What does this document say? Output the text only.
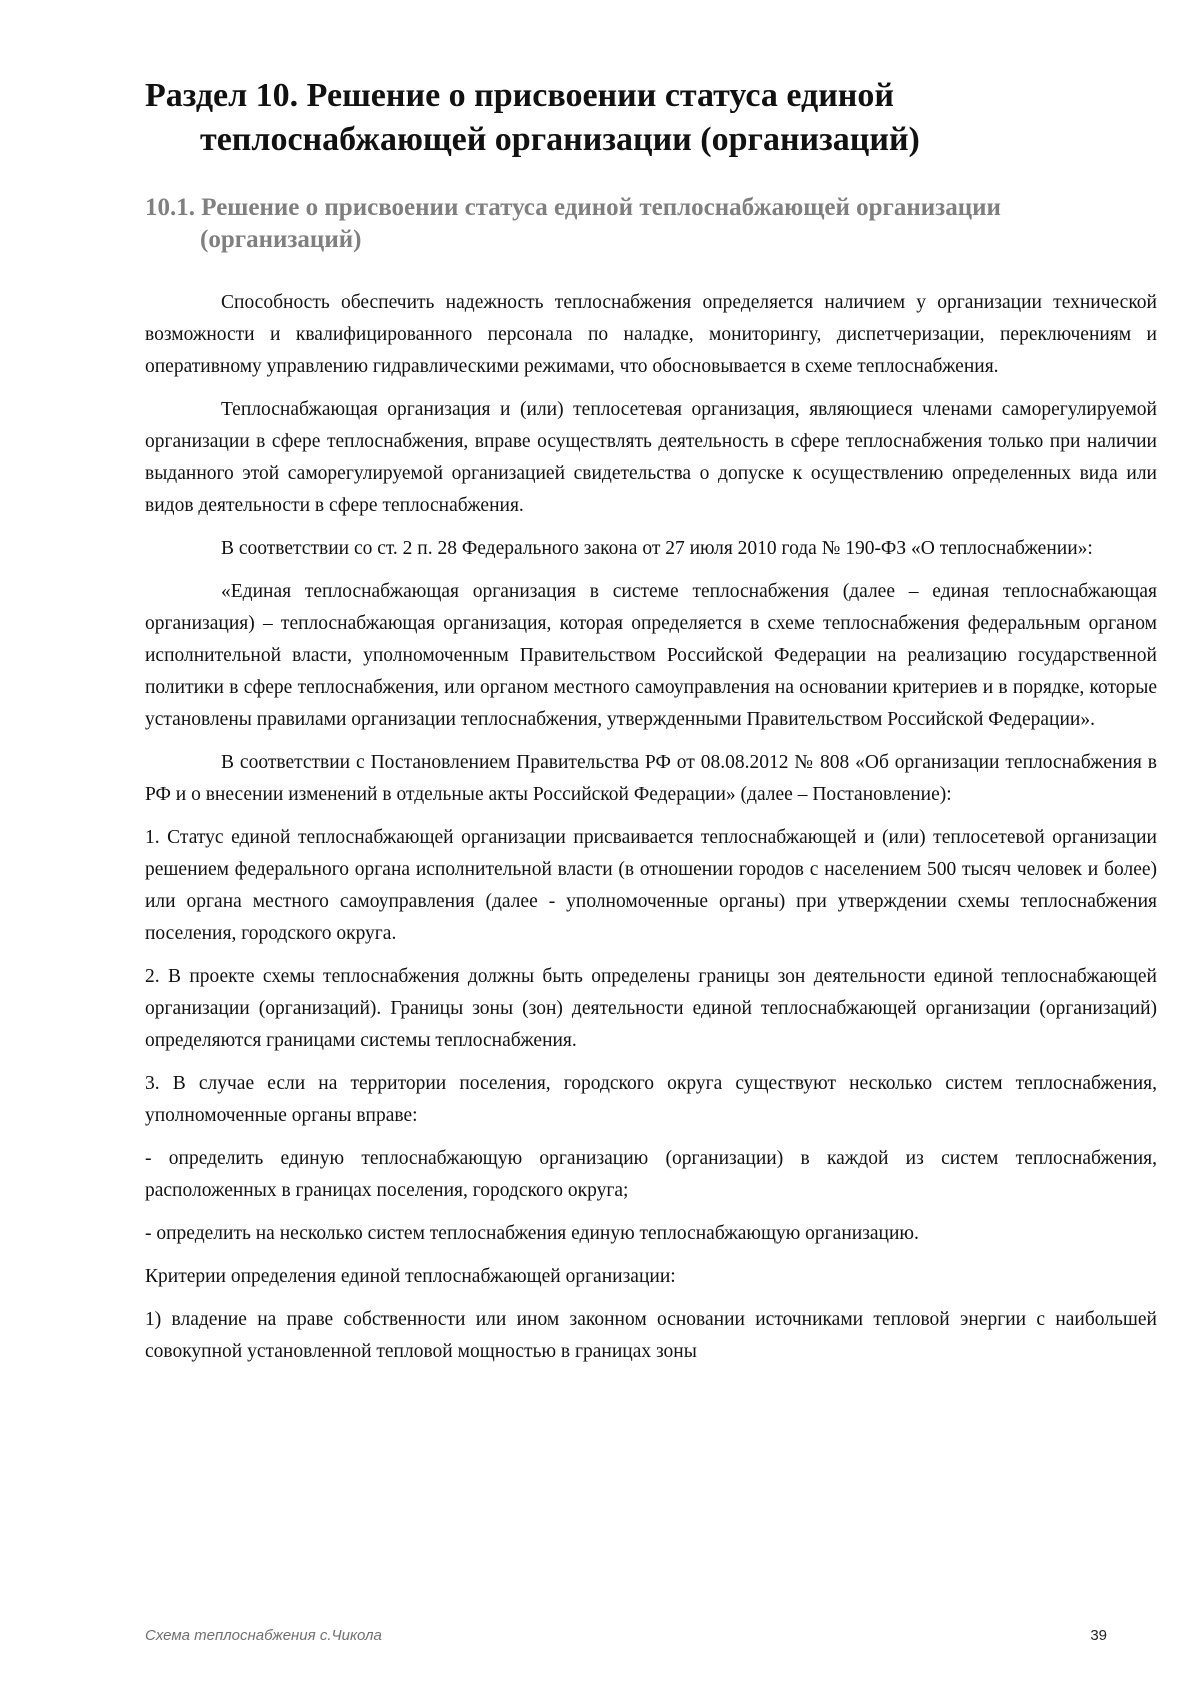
Раздел 10. Решение о присвоении статуса единой теплоснабжающей организации (организаций)
10.1. Решение о присвоении статуса единой теплоснабжающей организации (организаций)

Способность обеспечить надежность теплоснабжения определяется наличием у организации технической возможности и квалифицированного персонала по наладке, мониторингу, диспетчеризации, переключениям и оперативному управлению гидравлическими режимами, что обосновывается в схеме теплоснабжения.

Теплоснабжающая организация и (или) теплосетевая организация, являющиеся членами саморегулируемой организации в сфере теплоснабжения, вправе осуществлять деятельность в сфере теплоснабжения только при наличии выданного этой саморегулируемой организацией свидетельства о допуске к осуществлению определенных вида или видов деятельности в сфере теплоснабжения.

В соответствии со ст. 2 п. 28 Федерального закона от 27 июля 2010 года № 190-ФЗ «О теплоснабжении»:

«Единая теплоснабжающая организация в системе теплоснабжения (далее – единая теплоснабжающая организация) – теплоснабжающая организация, которая определяется в схеме теплоснабжения федеральным органом исполнительной власти, уполномоченным Правительством Российской Федерации на реализацию государственной политики в сфере теплоснабжения, или органом местного самоуправления на основании критериев и в порядке, которые установлены правилами организации теплоснабжения, утвержденными Правительством Российской Федерации».

В соответствии с Постановлением Правительства РФ от 08.08.2012 № 808 «Об организации теплоснабжения в РФ и о внесении изменений в отдельные акты Российской Федерации» (далее – Постановление):

1. Статус единой теплоснабжающей организации присваивается теплоснабжающей и (или) теплосетевой организации решением федерального органа исполнительной власти (в отношении городов с населением 500 тысяч человек и более) или органа местного самоуправления (далее - уполномоченные органы) при утверждении схемы теплоснабжения поселения, городского округа.

2. В проекте схемы теплоснабжения должны быть определены границы зон деятельности единой теплоснабжающей организации (организаций). Границы зоны (зон) деятельности единой теплоснабжающей организации (организаций) определяются границами системы теплоснабжения.

3. В случае если на территории поселения, городского округа существуют несколько систем теплоснабжения, уполномоченные органы вправе:

- определить единую теплоснабжающую организацию (организации) в каждой из систем теплоснабжения, расположенных в границах поселения, городского округа;

- определить на несколько систем теплоснабжения единую теплоснабжающую организацию.

Критерии определения единой теплоснабжающей организации:

1) владение на праве собственности или ином законном основании источниками тепловой энергии с наибольшей совокупной установленной тепловой мощностью в границах зоны

Схема теплоснабжения с.Чикола	39
